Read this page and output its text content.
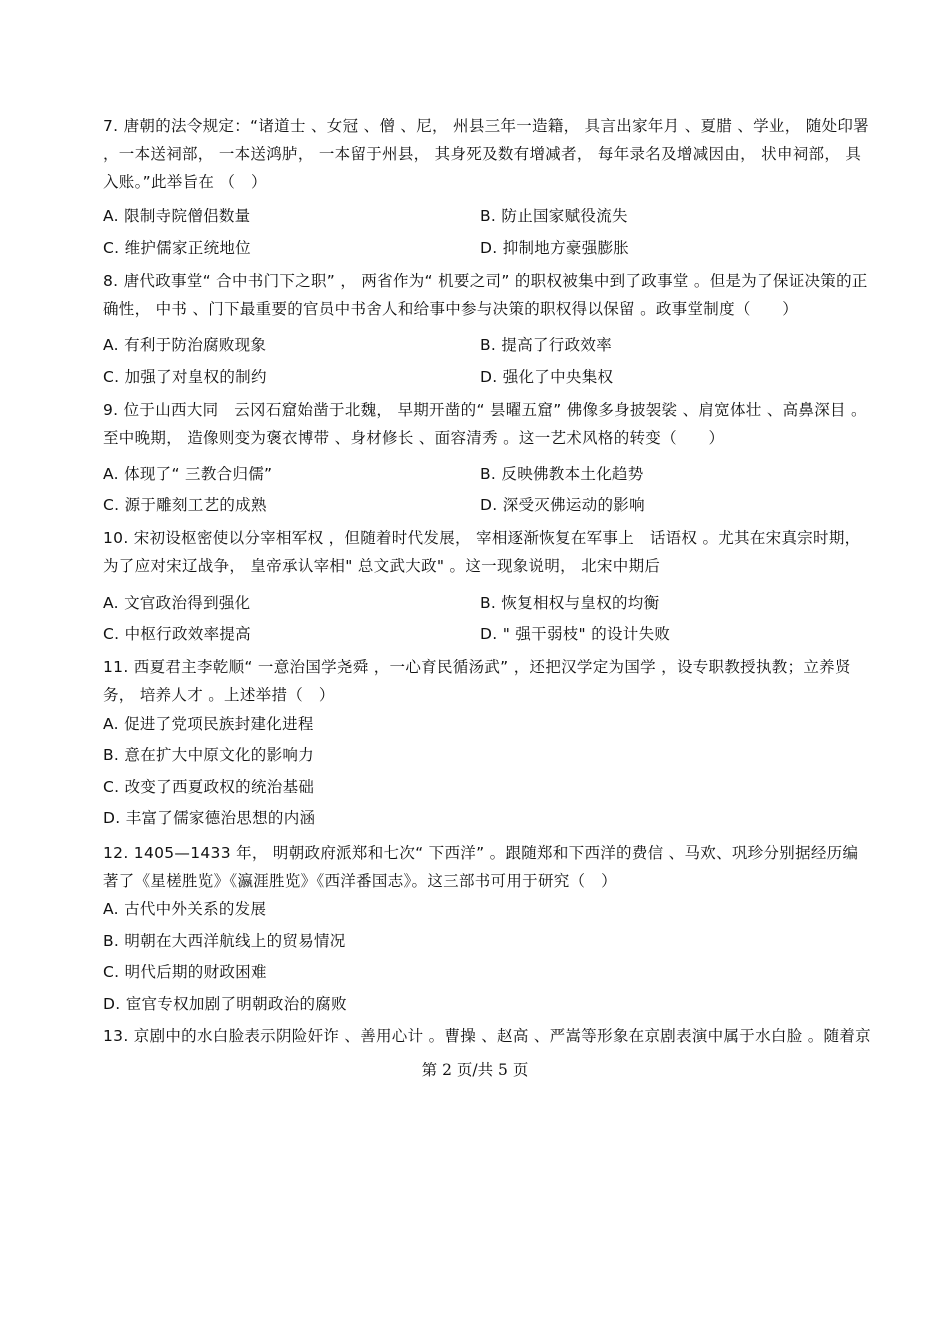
7. 唐朝的法令规定：“诸道士 、女冠 、僧 、尼， 州县三年一造籍， 具言出家年月 、夏腊 、学业， 随处印署 ，一本送祠部， 一本送鸿胪， 一本留于州县， 其身死及数有增减者， 每年录名及增减因由， 状申祠部， 具入账。”此举旨在 （　）
A. 限制寺院僧侣数量	B. 防止国家赋役流失
C. 维护儒家正统地位	D. 抑制地方豪强膨胀
8. 唐代政事堂“ 合中书门下之职” ， 两省作为“ 机要之司” 的职权被集中到了政事堂 。但是为了保证决策的正确性， 中书 、门下最重要的官员中书舍人和给事中参与决策的职权得以保留 。政事堂制度（　　）
A. 有利于防治腐败现象	B. 提高了行政效率
C. 加强了对皇权的制约	D. 强化了中央集权
9. 位于山西大同　云冈石窟始凿于北魏， 早期开凿的“ 昙曜五窟” 佛像多身披袈裟 、肩宽体壮 、高鼻深目 。至中晚期， 造像则变为褒衣博带 、身材修长 、面容清秀 。这一艺术风格的转变（　　）
A. 体现了“ 三教合归儒”	B. 反映佛教本土化趋势
C. 源于雕刻工艺的成熟	D. 深受灭佛运动的影响
10. 宋初设枢密使以分宰相军权 ，但随着时代发展， 宰相逐渐恢复在军事上　话语权 。尤其在宋真宗时期，为了应对宋辽战争， 皇帝承认宰相" 总文武大政" 。这一现象说明， 北宋中期后
A. 文官政治得到强化	B. 恢复相权与皇权的均衡
C. 中枢行政效率提高	D. " 强干弱枝" 的设计失败
11. 西夏君主李乾顺“ 一意治国学尧舜 ，一心育民循汤武” ，还把汉学定为国学 ，设专职教授执教；立养贤务， 培养人才 。上述举措（　）
A. 促进了党项民族封建化进程
B. 意在扩大中原文化的影响力
C. 改变了西夏政权的统治基础
D. 丰富了儒家德治思想的内涵
12. 1405—1433 年， 明朝政府派郑和七次“ 下西洋” 。跟随郑和下西洋的费信 、马欢、巩珍分别据经历编著了《星槎胜览》《瀛涯胜览》《西洋番国志》。这三部书可用于研究（　）
A. 古代中外关系的发展
B. 明朝在大西洋航线上的贸易情况
C. 明代后期的财政困难
D. 宦官专权加剧了明朝政治的腐败
13. 京剧中的水白脸表示阴险奸诈 、善用心计 。曹操 、赵高 、严嵩等形象在京剧表演中属于水白脸 。随着京
第 2 页/共 5 页
